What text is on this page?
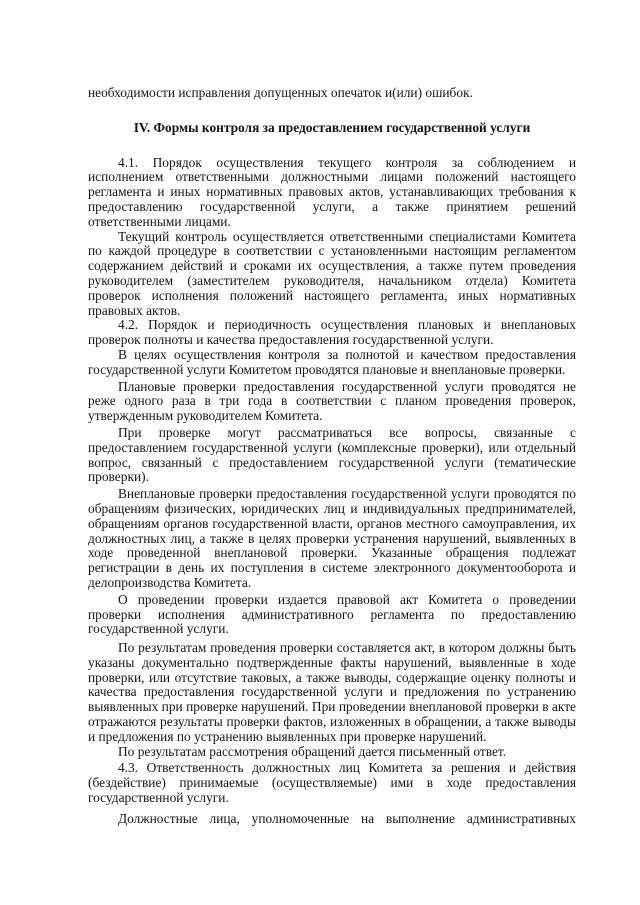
необходимости исправления допущенных опечаток и(или) ошибок.

IV. Формы контроля за предоставлением государственной услуги

4.1. Порядок осуществления текущего контроля за соблюдением и исполнением ответственными должностными лицами положений настоящего регламента и иных нормативных правовых актов, устанавливающих требования к предоставлению государственной услуги, а также принятием решений ответственными лицами.

Текущий контроль осуществляется ответственными специалистами Комитета по каждой процедуре в соответствии с установленными настоящим регламентом содержанием действий и сроками их осуществления, а также путем проведения руководителем (заместителем руководителя, начальником отдела) Комитета проверок исполнения положений настоящего регламента, иных нормативных правовых актов.

4.2. Порядок и периодичность осуществления плановых и внеплановых проверок полноты и качества предоставления государственной услуги.

В целях осуществления контроля за полнотой и качеством предоставления государственной услуги Комитетом проводятся плановые и внеплановые проверки.

Плановые проверки предоставления государственной услуги проводятся не реже одного раза в три года в соответствии с планом проведения проверок, утвержденным руководителем Комитета.

При проверке могут рассматриваться все вопросы, связанные с предоставлением государственной услуги (комплексные проверки), или отдельный вопрос, связанный с предоставлением государственной услуги (тематические проверки).

Внеплановые проверки предоставления государственной услуги проводятся по обращениям физических, юридических лиц и индивидуальных предпринимателей, обращениям органов государственной власти, органов местного самоуправления, их должностных лиц, а также в целях проверки устранения нарушений, выявленных в ходе проведенной внеплановой проверки. Указанные обращения подлежат регистрации в день их поступления в системе электронного документооборота и делопроизводства Комитета.

О проведении проверки издается правовой акт Комитета о проведении проверки исполнения административного регламента по предоставлению государственной услуги.

По результатам проведения проверки составляется акт, в котором должны быть указаны документально подтвержденные факты нарушений, выявленные в ходе проверки, или отсутствие таковых, а также выводы, содержащие оценку полноты и качества предоставления государственной услуги и предложения по устранению выявленных при проверке нарушений. При проведении внеплановой проверки в акте отражаются результаты проверки фактов, изложенных в обращении, а также выводы и предложения по устранению выявленных при проверке нарушений.

По результатам рассмотрения обращений дается письменный ответ.

4.3. Ответственность должностных лиц Комитета за решения и действия (бездействие) принимаемые (осуществляемые) ими в ходе предоставления государственной услуги.

Должностные лица, уполномоченные на выполнение административных
